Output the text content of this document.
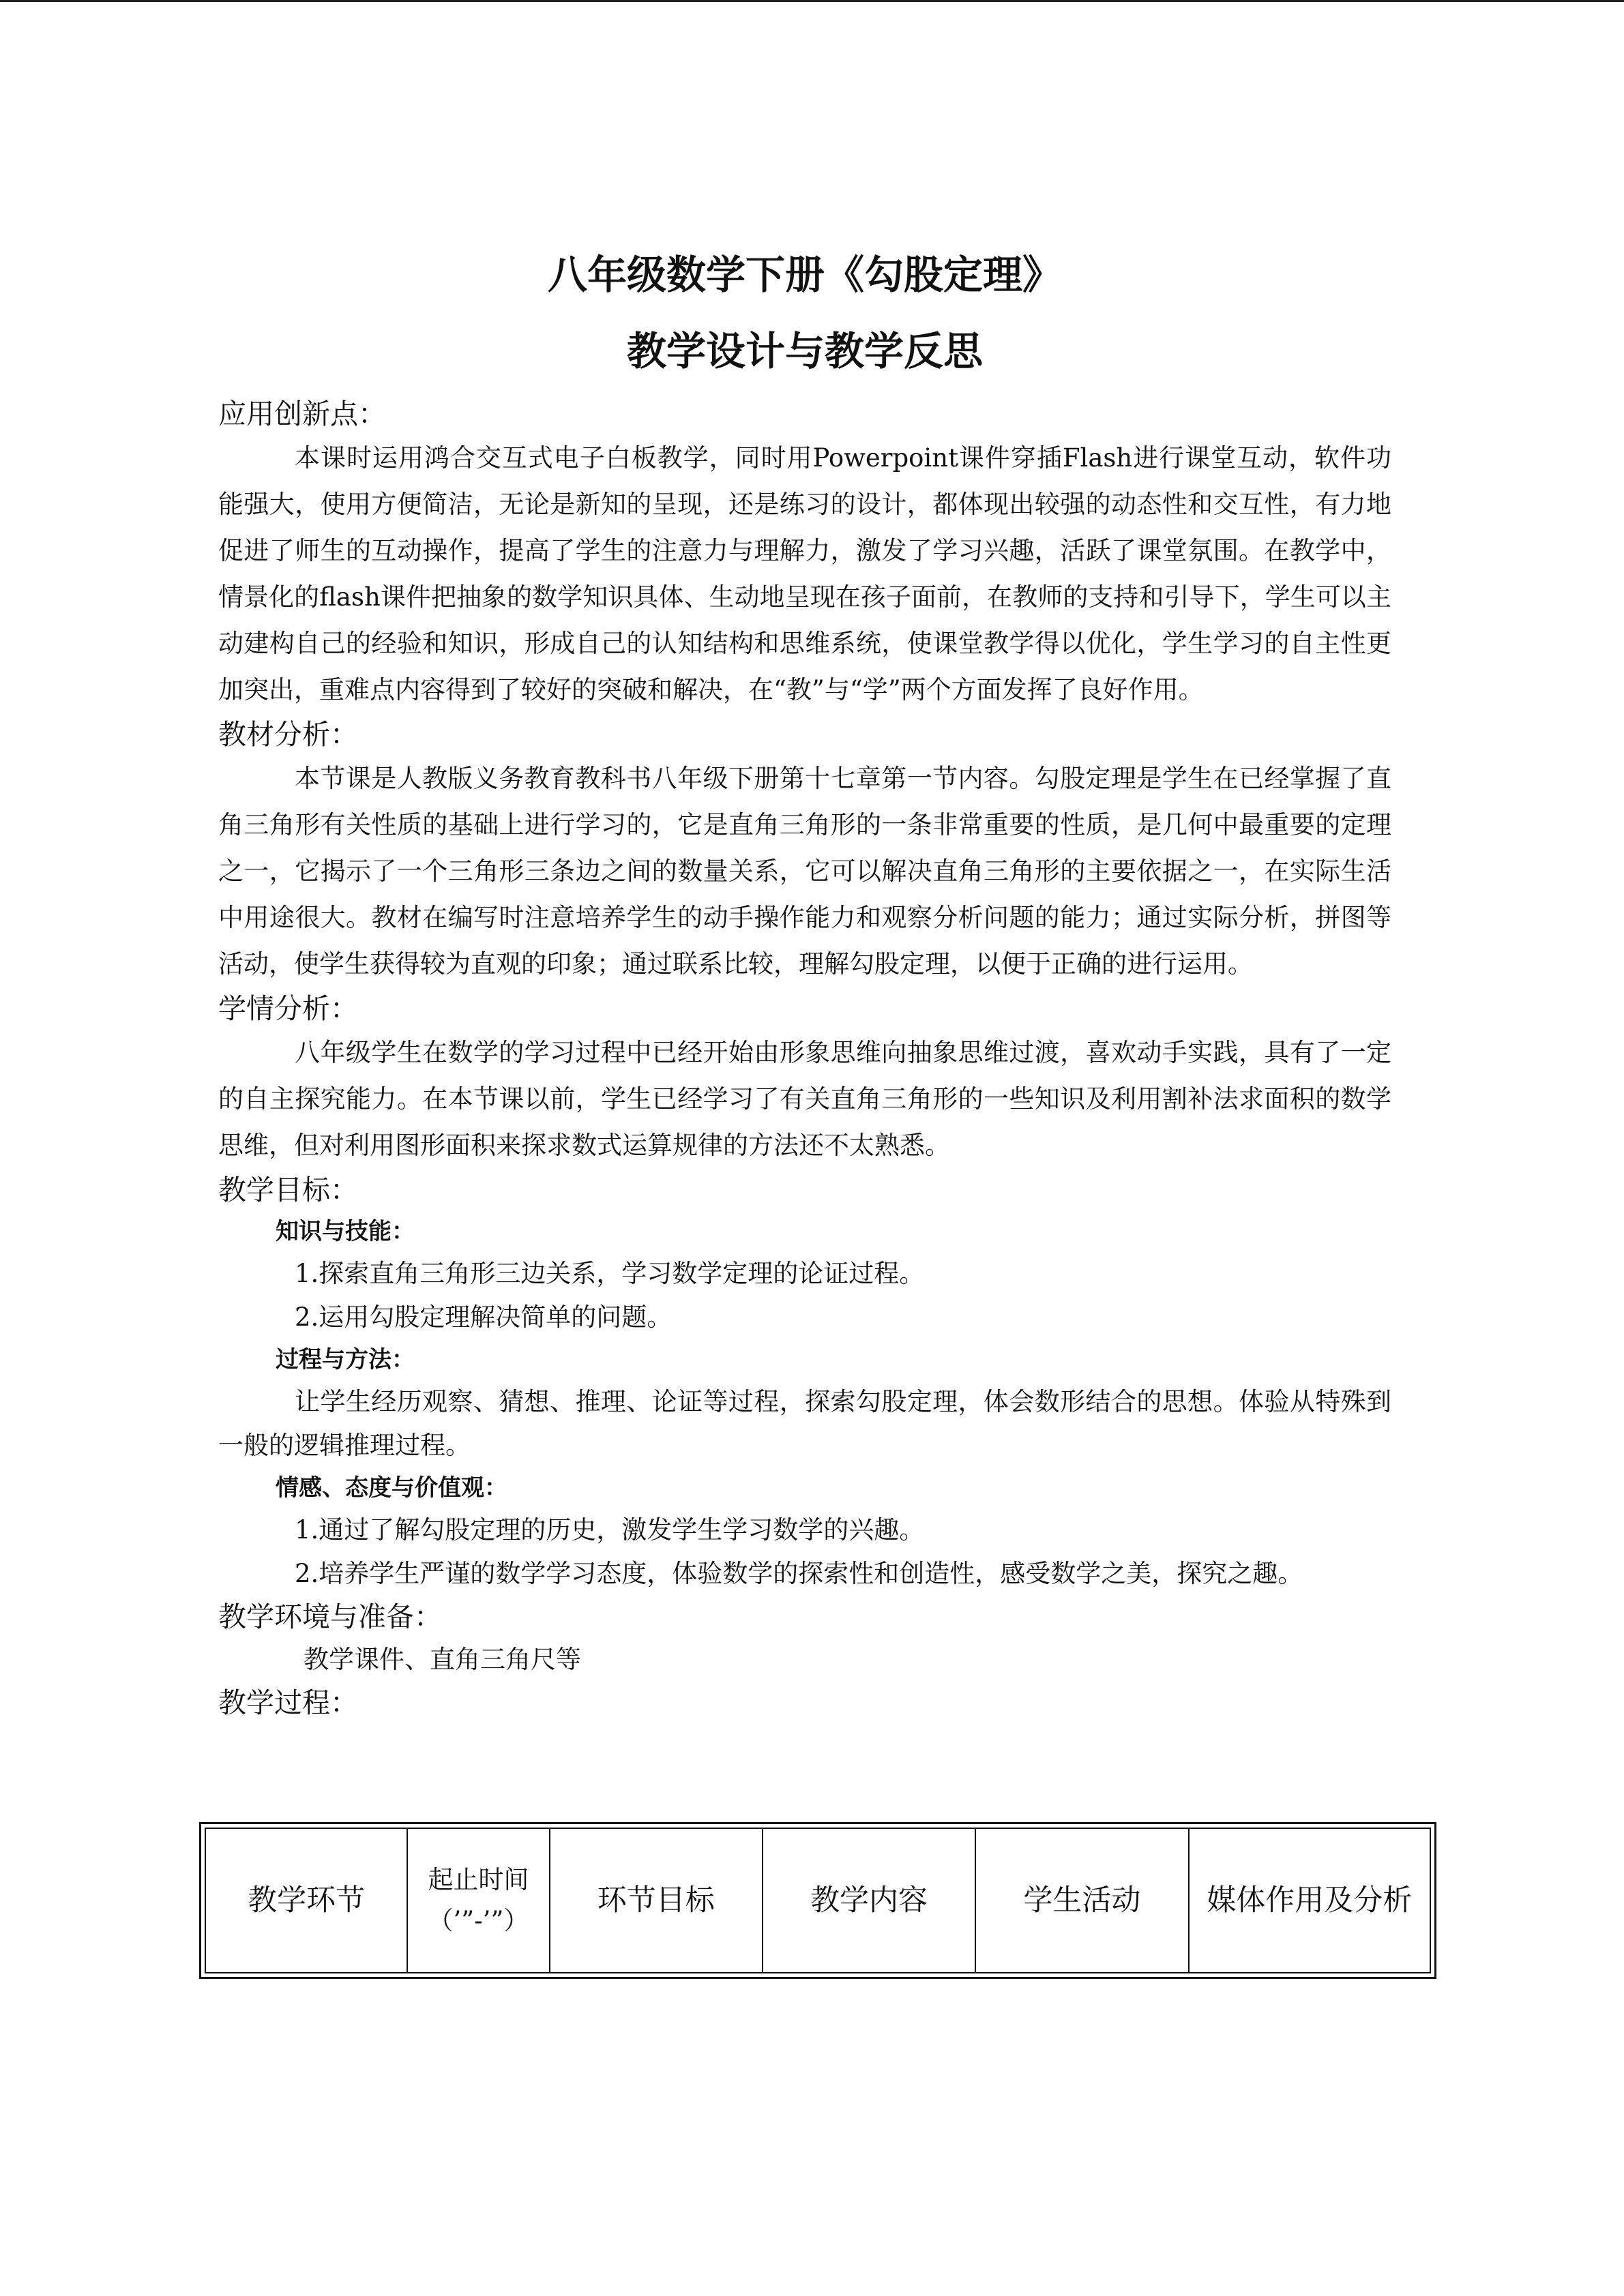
八年级数学下册《勾股定理》
教学设计与教学反思

应用创新点：

本课时运用鸿合交互式电子白板教学，同时用Powerpoint课件穿插Flash进行课堂互动，软件功能强大，使用方便简洁，无论是新知的呈现，还是练习的设计，都体现出较强的动态性和交互性，有力地促进了师生的互动操作，提高了学生的注意力与理解力，激发了学习兴趣，活跃了课堂氛围。在教学中，情景化的flash课件把抽象的数学知识具体、生动地呈现在孩子面前，在教师的支持和引导下，学生可以主动建构自己的经验和知识，形成自己的认知结构和思维系统，使课堂教学得以优化，学生学习的自主性更加突出，重难点内容得到了较好的突破和解决，在“教”与“学”两个方面发挥了良好作用。

教材分析：

本节课是人教版义务教育教科书八年级下册第十七章第一节内容。勾股定理是学生在已经掌握了直角三角形有关性质的基础上进行学习的，它是直角三角形的一条非常重要的性质，是几何中最重要的定理之一，它揭示了一个三角形三条边之间的数量关系，它可以解决直角三角形的主要依据之一，在实际生活中用途很大。教材在编写时注意培养学生的动手操作能力和观察分析问题的能力；通过实际分析，拼图等活动，使学生获得较为直观的印象；通过联系比较，理解勾股定理，以便于正确的进行运用。

学情分析：

八年级学生在数学的学习过程中已经开始由形象思维向抽象思维过渡，喜欢动手实践，具有了一定的自主探究能力。在本节课以前，学生已经学习了有关直角三角形的一些知识及利用割补法求面积的数学思维，但对利用图形面积来探求数式运算规律的方法还不太熟悉。

教学目标：

知识与技能：

1.探索直角三角形三边关系，学习数学定理的论证过程。

2.运用勾股定理解决简单的问题。

过程与方法：

让学生经历观察、猜想、推理、论证等过程，探索勾股定理，体会数形结合的思想。体验从特殊到一般的逻辑推理过程。

情感、态度与价值观：

1.通过了解勾股定理的历史，激发学生学习数学的兴趣。

2.培养学生严谨的数学学习态度，体验数学的探索性和创造性，感受数学之美，探究之趣。

教学环境与准备：

教学课件、直角三角尺等

教学过程：

教学环节	起止时间（’”-’”）	环节目标	教学内容	学生活动	媒体作用及分析
